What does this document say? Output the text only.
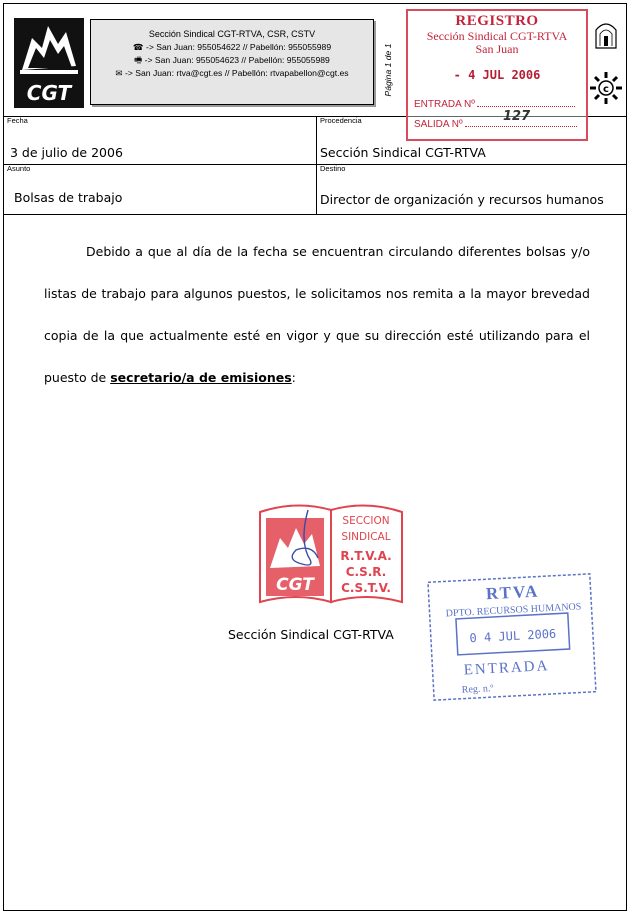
CGT
Sección Sindical CGT-RTVA, CSR, CSTV
☎ -> San Juan: 955054622 // Pabellón: 955055989
🖷 -> San Juan: 955054623 // Pabellón: 955055989
✉ -> San Juan: rtva@cgt.es // Pabellón: rtvapabellon@cgt.es	Página 1 de 1	c
REGISTRO
Sección Sindical CGT-RTVA
San Juan
- 4 JUL 2006
ENTRADA Nº
SALIDA Nº
127
Fecha
3 de julio de 2006
Procedencia
Sección Sindical CGT-RTVA
Asunto
Bolsas de trabajo
Destino
Director de organización y recursos humanos
Debido a que al día de la fecha se encuentran circulando diferentes bolsas y/o listas de trabajo para algunos puestos, le solicitamos nos remita a la mayor brevedad copia de la que actualmente esté en vigor y que su dirección esté utilizando para el puesto de secretario/a de emisiones:
CGT
SECCION
SINDICAL
R.T.V.A.
C.S.R.
C.S.T.V.
Sección Sindical CGT-RTVA
RTVA
DPTO. RECURSOS HUMANOS
0 4 JUL 2006
ENTRADA
Reg. n.º
